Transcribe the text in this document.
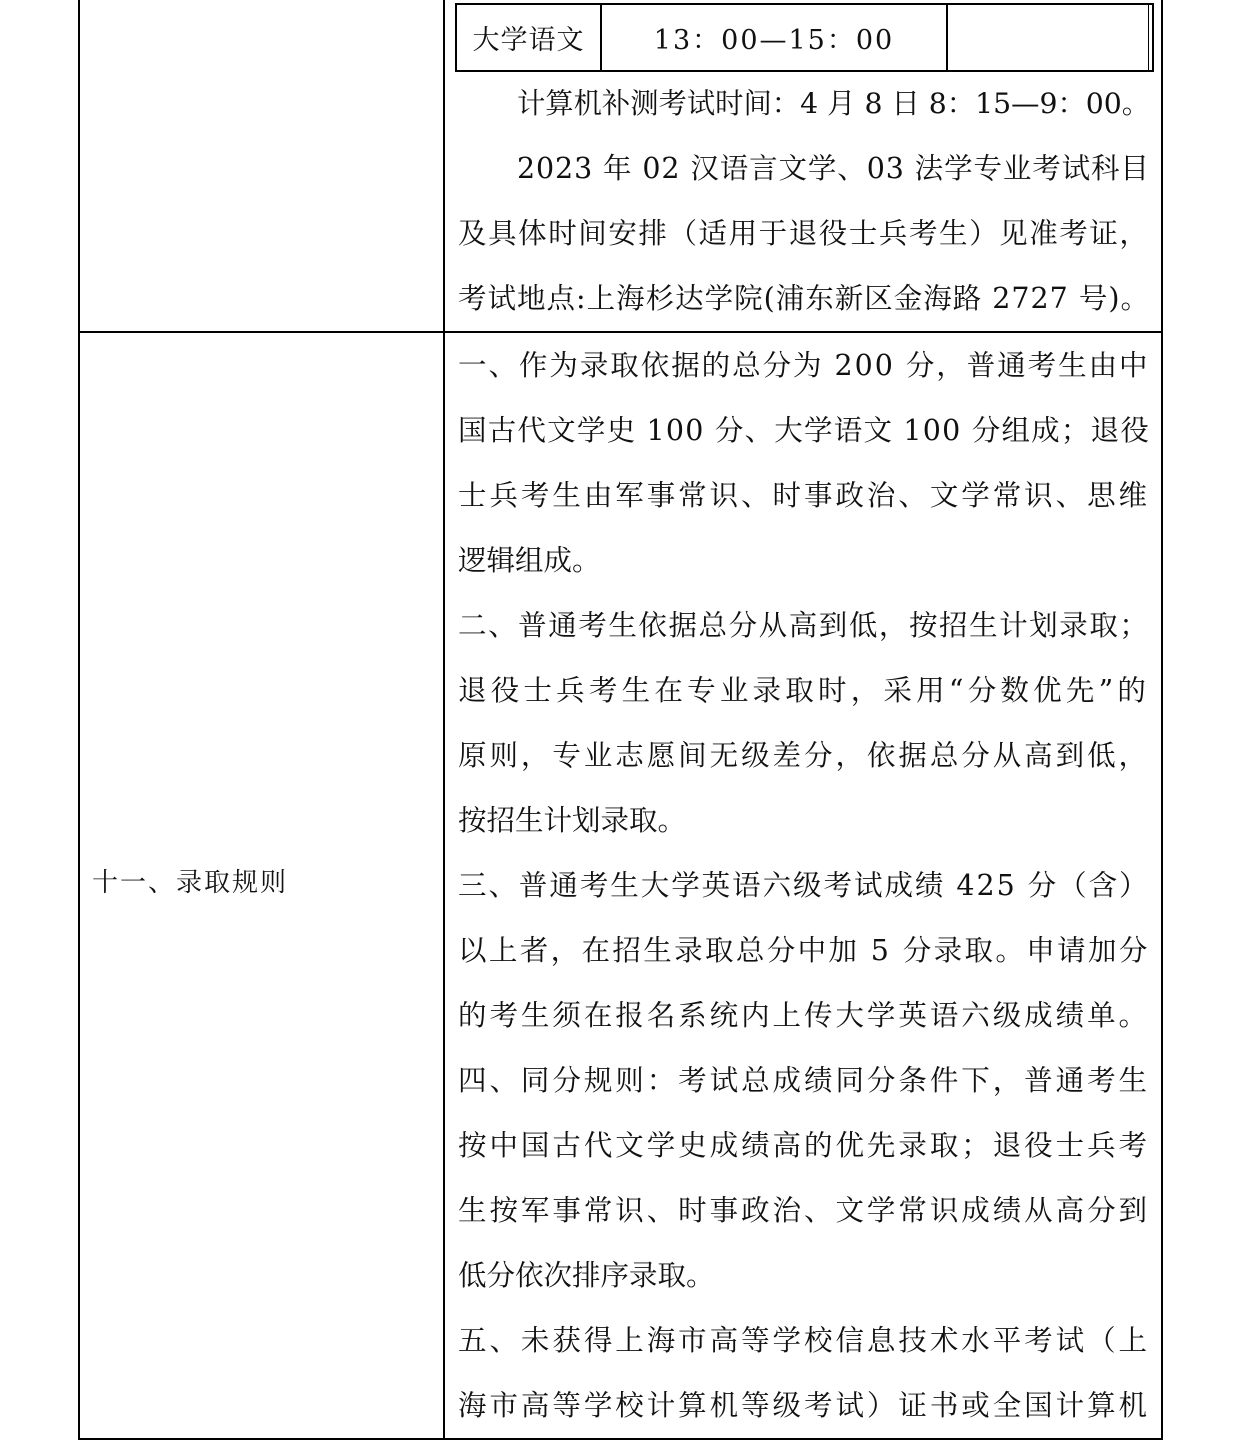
大学语文	13：00—15：00
计算机补测考试时间：4 月 8 日 8：15—9：00。
2023 年 02 汉语言文学、03 法学专业考试科目
及具体时间安排（适用于退役士兵考生）见准考证，
考试地点:上海杉达学院(浦东新区金海路 2727 号)。
十一、录取规则
一、作为录取依据的总分为 200 分，普通考生由中
国古代文学史 100 分、大学语文 100 分组成；退役
士兵考生由军事常识、时事政治、文学常识、思维
逻辑组成。
二、普通考生依据总分从高到低，按招生计划录取；
退役士兵考生在专业录取时，采用“分数优先”的
原则，专业志愿间无级差分，依据总分从高到低，
按招生计划录取。
三、普通考生大学英语六级考试成绩 425 分（含）
以上者，在招生录取总分中加 5 分录取。申请加分
的考生须在报名系统内上传大学英语六级成绩单。
四、同分规则：考试总成绩同分条件下，普通考生
按中国古代文学史成绩高的优先录取；退役士兵考
生按军事常识、时事政治、文学常识成绩从高分到
低分依次排序录取。
五、未获得上海市高等学校信息技术水平考试（上
海市高等学校计算机等级考试）证书或全国计算机
